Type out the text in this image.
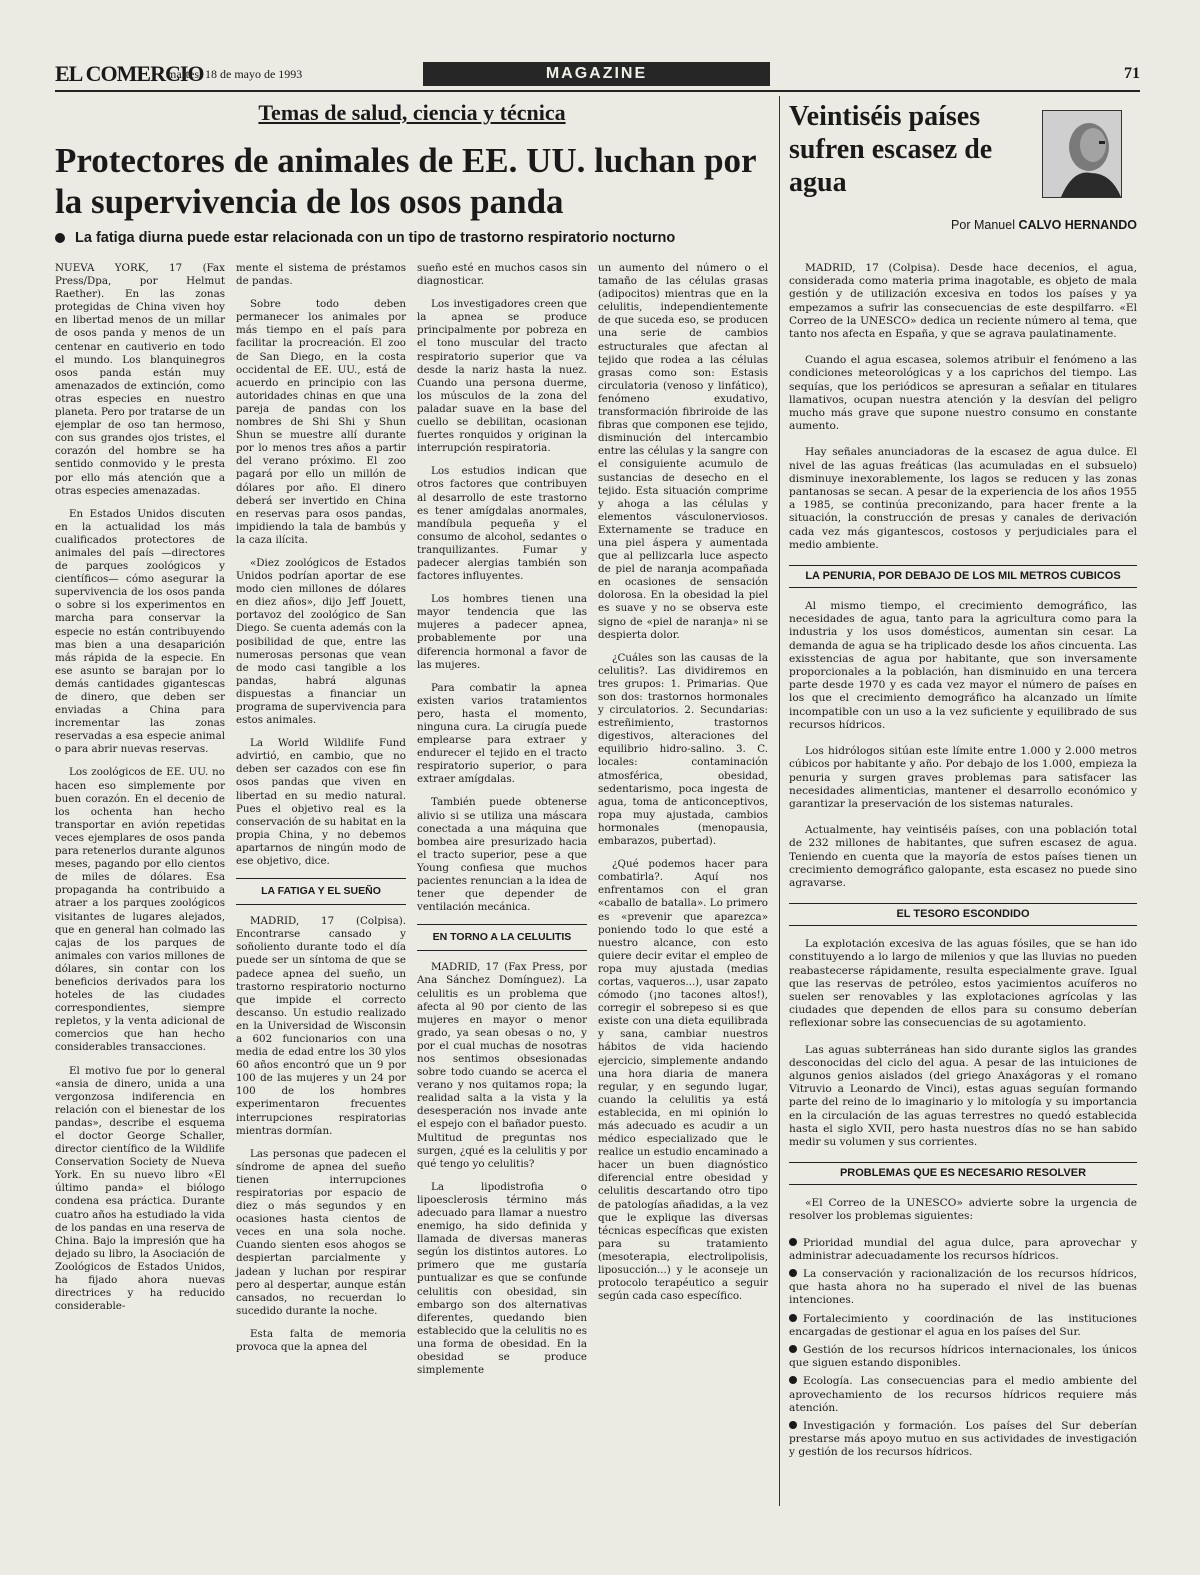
EL COMERCIO
martes, 18 de mayo de 1993	MAGAZINE	71
Temas de salud, ciencia y técnica
Protectores de animales de EE. UU. luchan por la supervivencia de los osos panda
La fatiga diurna puede estar relacionada con un tipo de trastorno respiratorio nocturno

NUEVA YORK, 17 (Fax Press/Dpa, por Helmut Raether). En las zonas protegidas de China viven hoy en libertad menos de un millar de osos panda y menos de un centenar en cautiverio en todo el mundo. Los blanquinegros osos panda están muy amenazados de extinción, como otras especies en nuestro planeta. Pero por tratarse de un ejemplar de oso tan hermoso, con sus grandes ojos tristes, el corazón del hombre se ha sentido conmovido y le presta por ello más atención que a otras especies amenazadas.

En Estados Unidos discuten en la actualidad los más cualificados protectores de animales del país —directores de parques zoológicos y científicos— cómo asegurar la supervivencia de los osos panda o sobre si los experimentos en marcha para conservar la especie no están contribuyendo mas bien a una desaparición más rápida de la especie. En ese asunto se barajan por lo demás cantidades gigantescas de dinero, que deben ser enviadas a China para incrementar las zonas reservadas a esa especie animal o para abrir nuevas reservas.

Los zoológicos de EE. UU. no hacen eso simplemente por buen corazón. En el decenio de los ochenta han hecho transportar en avión repetidas veces ejemplares de osos panda para retenerlos durante algunos meses, pagando por ello cientos de miles de dólares. Esa propaganda ha contribuido a atraer a los parques zoológicos visitantes de lugares alejados, que en general han colmado las cajas de los parques de animales con varios millones de dólares, sin contar con los beneficios derivados para los hoteles de las ciudades correspondientes, siempre repletos, y la venta adicional de comercios que han hecho considerables transacciones.

El motivo fue por lo general «ansia de dinero, unida a una vergonzosa indiferencia en relación con el bienestar de los pandas», describe el esquema el doctor George Schaller, director científico de la Wildlife Conservation Society de Nueva York. En su nuevo libro «El último panda» el biólogo condena esa práctica. Durante cuatro años ha estudiado la vida de los pandas en una reserva de China. Bajo la impresión que ha dejado su libro, la Asociación de Zoológicos de Estados Unidos, ha fijado ahora nuevas directrices y ha reducido considerable-

mente el sistema de préstamos de pandas.

Sobre todo deben permanecer los animales por más tiempo en el país para facilitar la procreación. El zoo de San Diego, en la costa occidental de EE. UU., está de acuerdo en principio con las autoridades chinas en que una pareja de pandas con los nombres de Shi Shi y Shun Shun se muestre allí durante por lo menos tres años a partir del verano próximo. El zoo pagará por ello un millón de dólares por año. El dinero deberá ser invertido en China en reservas para osos pandas, impidiendo la tala de bambús y la caza ilícita.

«Diez zoológicos de Estados Unidos podrían aportar de ese modo cien millones de dólares en diez años», dijo Jeff Jouett, portavoz del zoológico de San Diego. Se cuenta además con la posibilidad de que, entre las numerosas personas que vean de modo casi tangible a los pandas, habrá algunas dispuestas a financiar un programa de supervivencia para estos animales.

La World Wildlife Fund advirtió, en cambio, que no deben ser cazados con ese fin osos pandas que viven en libertad en su medio natural. Pues el objetivo real es la conservación de su habitat en la propia China, y no debemos apartarnos de ningún modo de ese objetivo, dice.

LA FATIGA Y EL SUEÑO

MADRID, 17 (Colpisa). Encontrarse cansado y soñoliento durante todo el día puede ser un síntoma de que se padece apnea del sueño, un trastorno respiratorio nocturno que impide el correcto descanso. Un estudio realizado en la Universidad de Wisconsin a 602 funcionarios con una media de edad entre los 30 ylos 60 años encontró que un 9 por 100 de las mujeres y un 24 por 100 de los hombres experimentaron frecuentes interrupciones respiratorias mientras dormían.

Las personas que padecen el síndrome de apnea del sueño tienen interrupciones respiratorias por espacio de diez o más segundos y en ocasiones hasta cientos de veces en una sola noche. Cuando sienten esos ahogos se despiertan parcialmente y jadean y luchan por respirar pero al despertar, aunque están cansados, no recuerdan lo sucedido durante la noche.

Esta falta de memoria provoca que la apnea del

sueño esté en muchos casos sin diagnosticar.

Los investigadores creen que la apnea se produce principalmente por pobreza en el tono muscular del tracto respiratorio superior que va desde la nariz hasta la nuez. Cuando una persona duerme, los músculos de la zona del paladar suave en la base del cuello se debilitan, ocasionan fuertes ronquidos y originan la interrupción respiratoria.

Los estudios indican que otros factores que contribuyen al desarrollo de este trastorno es tener amígdalas anormales, mandíbula pequeña y el consumo de alcohol, sedantes o tranquilizantes. Fumar y padecer alergias también son factores influyentes.

Los hombres tienen una mayor tendencia que las mujeres a padecer apnea, probablemente por una diferencia hormonal a favor de las mujeres.

Para combatir la apnea existen varios tratamientos pero, hasta el momento, ninguna cura. La cirugía puede emplearse para extraer y endurecer el tejido en el tracto respiratorio superior, o para extraer amígdalas.

También puede obtenerse alivio si se utiliza una máscara conectada a una máquina que bombea aire presurizado hacia el tracto superior, pese a que Young confiesa que muchos pacientes renuncian a la idea de tener que depender de ventilación mecánica.

EN TORNO A LA CELULITIS

MADRID, 17 (Fax Press, por Ana Sánchez Domínguez). La celulitis es un problema que afecta al 90 por ciento de las mujeres en mayor o menor grado, ya sean obesas o no, y por el cual muchas de nosotras nos sentimos obsesionadas sobre todo cuando se acerca el verano y nos quitamos ropa; la realidad salta a la vista y la desesperación nos invade ante el espejo con el bañador puesto. Multitud de preguntas nos surgen, ¿qué es la celulitis y por qué tengo yo celulitis?

La lipodistrofia o lipoesclerosis término más adecuado para llamar a nuestro enemigo, ha sido definida y llamada de diversas maneras según los distintos autores. Lo primero que me gustaría puntualizar es que se confunde celulitis con obesidad, sin embargo son dos alternativas diferentes, quedando bien establecido que la celulitis no es una forma de obesidad. En la obesidad se produce simplemente

un aumento del número o el tamaño de las células grasas (adipocitos) mientras que en la celulitis, independientemente de que suceda eso, se producen una serie de cambios estructurales que afectan al tejido que rodea a las células grasas como son: Estasis circulatoria (venoso y linfático), fenómeno exudativo, transformación fibriroide de las fibras que componen ese tejido, disminución del intercambio entre las células y la sangre con el consiguiente acumulo de sustancias de desecho en el tejido. Esta situación comprime y ahoga a las células y elementos vásculonerviosos. Externamente se traduce en una piel áspera y aumentada que al pellizcarla luce aspecto de piel de naranja acompañada en ocasiones de sensación dolorosa. En la obesidad la piel es suave y no se observa este signo de «piel de naranja» ni se despierta dolor.

¿Cuáles son las causas de la celulitis?. Las dividiremos en tres grupos: 1. Primarias. Que son dos: trastornos hormonales y circulatorios. 2. Secundarias: estreñimiento, trastornos digestivos, alteraciones del equilibrio hidro-salino. 3. C. locales: contaminación atmosférica, obesidad, sedentarismo, poca ingesta de agua, toma de anticonceptivos, ropa muy ajustada, cambios hormonales (menopausia, embarazos, pubertad).

¿Qué podemos hacer para combatirla?. Aquí nos enfrentamos con el gran «caballo de batalla». Lo primero es «prevenir que aparezca» poniendo todo lo que esté a nuestro alcance, con esto quiere decir evitar el empleo de ropa muy ajustada (medias cortas, vaqueros...), usar zapato cómodo (¡no tacones altos!), corregir el sobrepeso si es que existe con una dieta equilibrada y sana, cambiar nuestros hábitos de vida haciendo ejercicio, simplemente andando una hora diaria de manera regular, y en segundo lugar, cuando la celulitis ya está establecida, en mi opinión lo más adecuado es acudir a un médico especializado que le realice un estudio encaminado a hacer un buen diagnóstico diferencial entre obesidad y celulitis descartando otro tipo de patologías añadidas, a la vez que le explique las diversas técnicas específicas que existen para su tratamiento (mesoterapia, electrolipolisis, liposucción...) y le aconseje un protocolo terapéutico a seguir según cada caso específico.

Veintiséis países sufren escasez de agua
Por Manuel CALVO HERNANDO

MADRID, 17 (Colpisa). Desde hace decenios, el agua, considerada como materia prima inagotable, es objeto de mala gestión y de utilización excesiva en todos los países y ya empezamos a sufrir las consecuencias de este despilfarro. «El Correo de la UNESCO» dedica un reciente número al tema, que tanto nos afecta en España, y que se agrava paulatinamente.

Cuando el agua escasea, solemos atribuir el fenómeno a las condiciones meteorológicas y a los caprichos del tiempo. Las sequías, que los periódicos se apresuran a señalar en titulares llamativos, ocupan nuestra atención y la desvían del peligro mucho más grave que supone nuestro consumo en constante aumento.

Hay señales anunciadoras de la escasez de agua dulce. El nivel de las aguas freáticas (las acumuladas en el subsuelo) disminuye inexorablemente, los lagos se reducen y las zonas pantanosas se secan. A pesar de la experiencia de los años 1955 a 1985, se continúa preconizando, para hacer frente a la situación, la construcción de presas y canales de derivación cada vez más gigantescos, costosos y perjudiciales para el medio ambiente.

LA PENURIA, POR DEBAJO DE LOS MIL METROS CUBICOS

Al mismo tiempo, el crecimiento demográfico, las necesidades de agua, tanto para la agricultura como para la industria y los usos domésticos, aumentan sin cesar. La demanda de agua se ha triplicado desde los años cincuenta. Las exisstencias de agua por habitante, que son inversamente proporcionales a la población, han disminuido en una tercera parte desde 1970 y es cada vez mayor el número de países en los que el crecimiento demográfico ha alcanzado un límite incompatible con un uso a la vez suficiente y equilibrado de sus recursos hídricos.

Los hidrólogos sitúan este límite entre 1.000 y 2.000 metros cúbicos por habitante y año. Por debajo de los 1.000, empieza la penuria y surgen graves problemas para satisfacer las necesidades alimenticias, mantener el desarrollo económico y garantizar la preservación de los sistemas naturales.

Actualmente, hay veintiséis países, con una población total de 232 millones de habitantes, que sufren escasez de agua. Teniendo en cuenta que la mayoría de estos países tienen un crecimiento demográfico galopante, esta escasez no puede sino agravarse.

EL TESORO ESCONDIDO

La explotación excesiva de las aguas fósiles, que se han ido constituyendo a lo largo de milenios y que las lluvias no pueden reabastecerse rápidamente, resulta especialmente grave. Igual que las reservas de petróleo, estos yacimientos acuíferos no suelen ser renovables y las explotaciones agrícolas y las ciudades que dependen de ellos para su consumo deberían reflexionar sobre las consecuencias de su agotamiento.

Las aguas subterráneas han sido durante siglos las grandes desconocidas del ciclo del agua. A pesar de las intuiciones de algunos genios aislados (del griego Anaxágoras y el romano Vitruvio a Leonardo de Vinci), estas aguas seguían formando parte del reino de lo imaginario y lo mitología y su importancia en la circulación de las aguas terrestres no quedó establecida hasta el siglo XVII, pero hasta nuestros días no se han sabido medir su volumen y sus corrientes.

PROBLEMAS QUE ES NECESARIO RESOLVER

«El Correo de la UNESCO» advierte sobre la urgencia de resolver los problemas siguientes:

Prioridad mundial del agua dulce, para aprovechar y administrar adecuadamente los recursos hídricos.
La conservación y racionalización de los recursos hídricos, que hasta ahora no ha superado el nivel de las buenas intenciones.
Fortalecimiento y coordinación de las instituciones encargadas de gestionar el agua en los países del Sur.
Gestión de los recursos hídricos internacionales, los únicos que siguen estando disponibles.
Ecología. Las consecuencias para el medio ambiente del aprovechamiento de los recursos hídricos requiere más atención.
Investigación y formación. Los países del Sur deberían prestarse más apoyo mutuo en sus actividades de investigación y gestión de los recursos hídricos.
